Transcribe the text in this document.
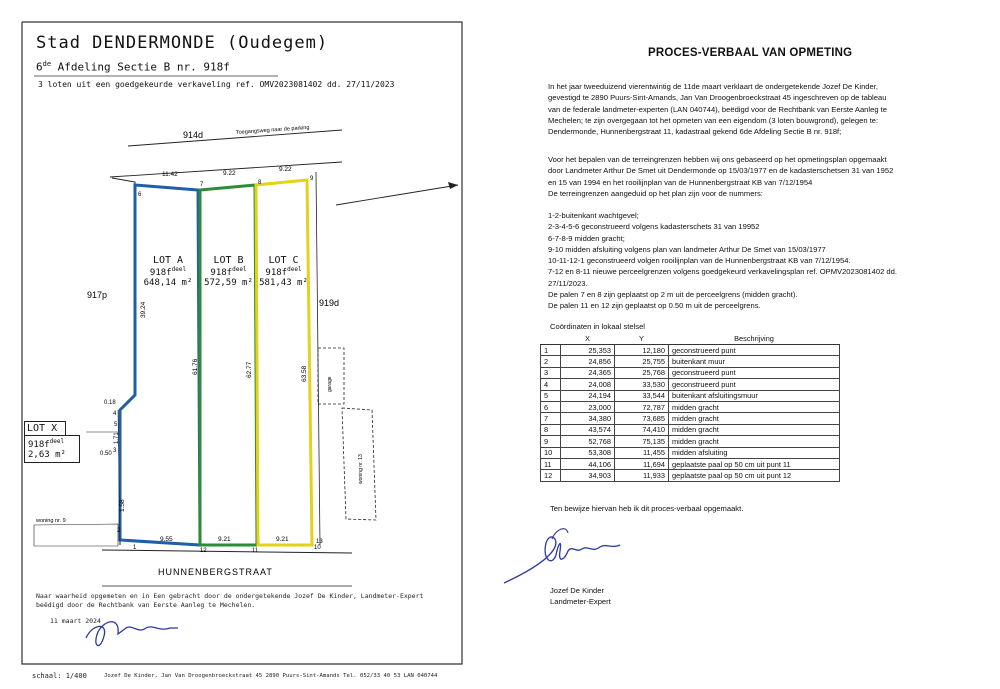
11.42	9.22
9.22
9.55	9.21	9.21
39.24
1.58
61.76	62.77	63.58
0.18
0.50
1.71
1
2
3
4
5
6
7	8
9
10
11
12
13
914d	Toegangsweg naar de parking
917p
919d
HUNNENBERGSTRAAT
garage
woning nr. 13
woning nr. 9
Stad DENDERMONDE (Oudegem)
6de Afdeling Sectie B nr. 918f
3 loten uit een goedgekeurde verkaveling ref. OMV2023081402 dd. 27/11/2023
LOT A
$918f^{deel}$
648,14 m²
LOT B
$918f^{deel}$
572,59 m²
LOT C
$918f^{deel}$
581,43 m²
LOT X
$918f^{deel}$
2,63 m²
Naar waarheid opgemeten en in Een gebracht door de ondergetekende Jozef De Kinder, Landmeter-Expert
beëdigd door de Rechtbank van Eerste Aanleg te Mechelen.
11 maart 2024
schaal: 1/400	Jozef De Kinder, Jan Van Droogenbroeckstraat 45 2890 Puurs-Sint-Amands Tel. 052/33 40 53 LAN 040744
PROCES-VERBAAL VAN OPMETING
In het jaar tweeduizend vierentwintig de 11de maart verklaart de ondergetekende Jozef De Kinder,
gevestigd te 2890 Puurs-Sint-Amands, Jan Van Droogenbroeckstraat 45 ingeschreven op de tableau
van de federale landmeter-experten (LAN 040744), beëdigd voor de Rechtbank van Eerste Aanleg te
Mechelen; te zijn overgegaan tot het opmeten van een eigendom (3 loten bouwgrond), gelegen te:
Dendermonde, Hunnenbergstraat 11, kadastraal gekend 6de Afdeling Sectie B nr. 918f;
Voor het bepalen van de terreingrenzen hebben wij ons gebaseerd op het opmetingsplan opgemaakt
door Landmeter Arthur De Smet uit Dendermonde op 15/03/1977 en de kadasterschetsen 31 van 1952
en 15 van 1994 en het rooilijnplan van de Hunnenbergstraat KB van 7/12/1954
De terreingrenzen aangeduid op het plan zijn voor de nummers:
1-2-buitenkant wachtgevel;
2-3-4-5-6 geconstrueerd volgens kadasterschets 31 van 19952
6-7-8-9 midden gracht;
9-10 midden afsluiting volgens plan van landmeter Arthur De Smet van 15/03/1977
10-11-12-1 geconstrueerd volgen rooilijnplan van de Hunnenbergstraat KB van 7/12/1954.
7-12 en 8-11 nieuwe perceelgrenzen volgens goedgekeurd verkavelingsplan ref. OPMV2023081402 dd.
27/11/2023.
De palen 7 en 8 zijn geplaatst op 2 m uit de perceelgrens (midden gracht).
De palen 11 en 12 zijn geplaatst op 0.50 m uit de perceelgrens.
Coördinaten in lokaal stelsel
	X	Y	Beschrijving
1	25,353	12,180	geconstrueerd punt
2	24,856	25,755	buitenkant muur
3	24,365	25,768	geconstrueerd punt
4	24,008	33,530	geconstrueerd punt
5	24,194	33,544	buitenkant afsluitingsmuur
6	23,000	72,787	midden gracht
7	34,380	73,685	midden gracht
8	43,574	74,410	midden gracht
9	52,768	75,135	midden gracht
10	53,308	11,455	midden afsluiting
11	44,106	11,694	geplaatste paal op 50 cm uit punt 11
12	34,903	11,933	geplaatste paal op 50 cm uit punt 12
Ten bewijze hiervan heb ik dit proces-verbaal opgemaakt.
Jozef De Kinder
Landmeter-Expert
